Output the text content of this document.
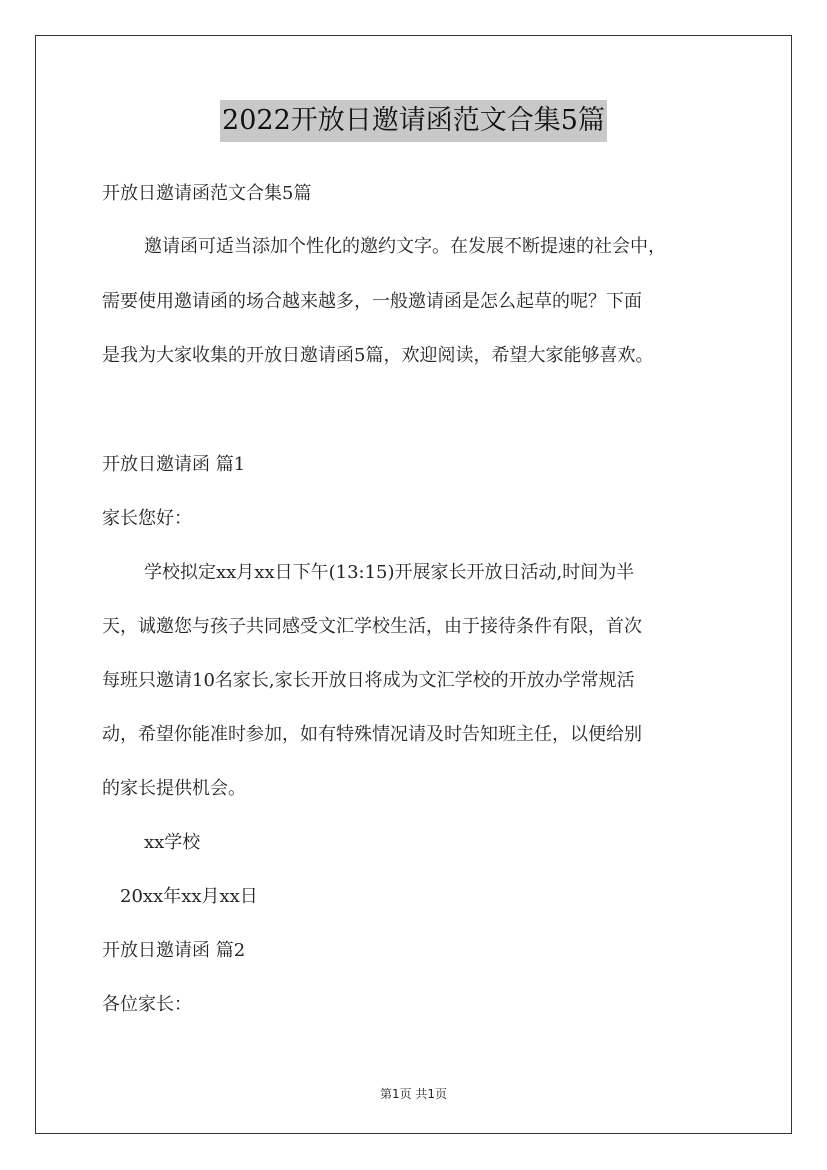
2022开放日邀请函范文合集5篇
开放日邀请函范文合集5篇
邀请函可适当添加个性化的邀约文字。在发展不断提速的社会中，
需要使用邀请函的场合越来越多，一般邀请函是怎么起草的呢？下面
是我为大家收集的开放日邀请函5篇，欢迎阅读，希望大家能够喜欢。
开放日邀请函 篇1
家长您好：
学校拟定xx月xx日下午(13:15)开展家长开放日活动,时间为半
天，诚邀您与孩子共同感受文汇学校生活，由于接待条件有限，首次
每班只邀请10名家长,家长开放日将成为文汇学校的开放办学常规活
动，希望你能准时参加，如有特殊情况请及时告知班主任，以便给别
的家长提供机会。
xx学校
20xx年xx月xx日
开放日邀请函 篇2
各位家长：
第1页 共1页
